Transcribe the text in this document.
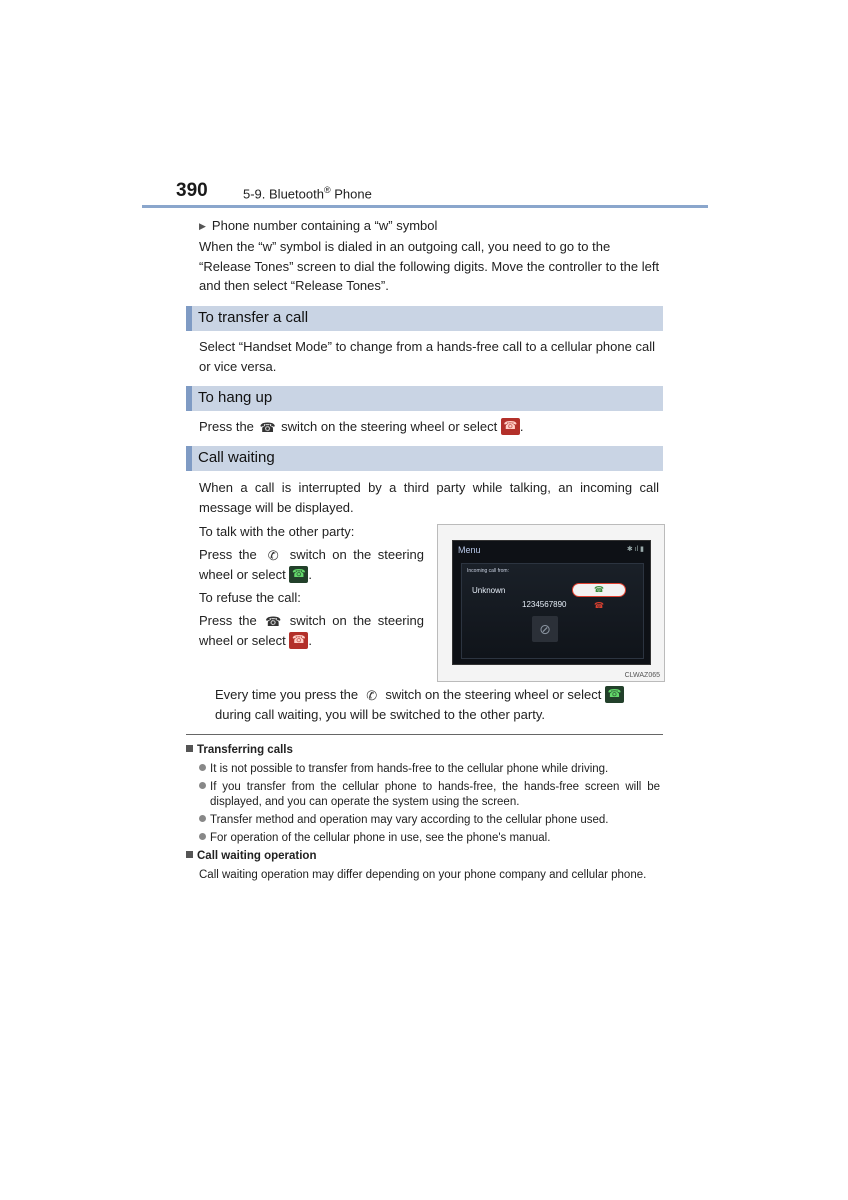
390	5-9. Bluetooth® Phone
▶ Phone number containing a “w” symbol
When the “w” symbol is dialed in an outgoing call, you need to go to the “Release Tones” screen to dial the following digits. Move the controller to the left and then select “Release Tones”.
To transfer a call
Select “Handset Mode” to change from a hands-free call to a cellular phone call or vice versa.
To hang up
Press the ☎ switch on the steering wheel or select ☎ .
Call waiting
When a call is interrupted by a third party while talking, an incoming call message will be displayed.
To talk with the other party:
Press the ✆ switch on the steering wheel or select ☎ .
To refuse the call:
Press the ☎ switch on the steering wheel or select ☎ .
Menu	✱ ıl ▮
Incoming call from:
Unknown
1234567890
☎
☎
⊘
CLWAZ065
Every time you press the ✆ switch on the steering wheel or select ☎ during call waiting, you will be switched to the other party.
Transferring calls
It is not possible to transfer from hands-free to the cellular phone while driving.
If you transfer from the cellular phone to hands-free, the hands-free screen will be displayed, and you can operate the system using the screen.
Transfer method and operation may vary according to the cellular phone used.
For operation of the cellular phone in use, see the phone's manual.
Call waiting operation
Call waiting operation may differ depending on your phone company and cellular phone.
